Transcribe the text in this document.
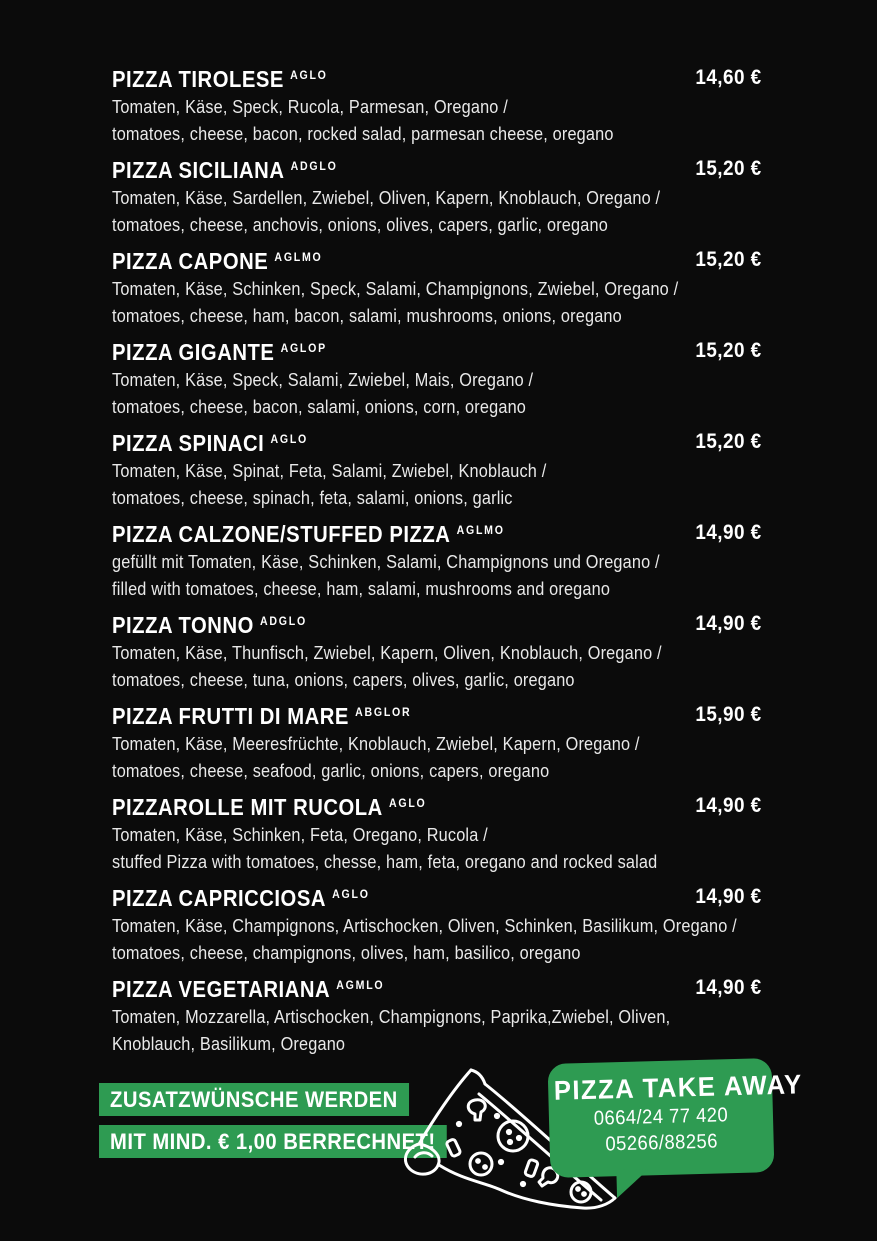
PIZZA TIROLESE $^{AGLO}$
Tomaten, Käse, Speck, Rucola, Parmesan, Oregano /
tomatoes, cheese, bacon, rocked salad, parmesan cheese, oregano
14,60 €
PIZZA SICILIANA $^{ADGLO}$
Tomaten, Käse, Sardellen, Zwiebel, Oliven, Kapern, Knoblauch, Oregano /
tomatoes, cheese, anchovis, onions, olives, capers, garlic, oregano
15,20 €
PIZZA CAPONE $^{AGLMO}$
Tomaten, Käse, Schinken, Speck, Salami, Champignons, Zwiebel, Oregano /
tomatoes, cheese, ham, bacon, salami, mushrooms, onions, oregano
15,20 €
PIZZA GIGANTE $^{AGLOP}$
Tomaten, Käse, Speck, Salami, Zwiebel, Mais, Oregano /
tomatoes, cheese, bacon, salami, onions, corn, oregano
15,20 €
PIZZA SPINACI $^{AGLO}$
Tomaten, Käse, Spinat, Feta, Salami, Zwiebel, Knoblauch /
tomatoes, cheese, spinach, feta, salami, onions, garlic
15,20 €
PIZZA CALZONE/STUFFED PIZZA $^{AGLMO}$
gefüllt mit Tomaten, Käse, Schinken, Salami, Champignons und Oregano /
filled with tomatoes, cheese, ham, salami, mushrooms and oregano
14,90 €
PIZZA TONNO $^{ADGLO}$
Tomaten, Käse, Thunfisch, Zwiebel, Kapern, Oliven, Knoblauch, Oregano /
tomatoes, cheese, tuna, onions, capers, olives, garlic, oregano
14,90 €
PIZZA FRUTTI DI MARE $^{ABGLOR}$
Tomaten, Käse, Meeresfrüchte, Knoblauch, Zwiebel, Kapern, Oregano /
tomatoes, cheese, seafood, garlic, onions, capers, oregano
15,90 €
PIZZAROLLE MIT RUCOLA $^{AGLO}$
Tomaten, Käse, Schinken, Feta, Oregano, Rucola /
stuffed Pizza with tomatoes, chesse, ham, feta, oregano and rocked salad
14,90 €
PIZZA CAPRICCIOSA $^{AGLO}$
Tomaten, Käse, Champignons, Artischocken, Oliven, Schinken, Basilikum, Oregano /
tomatoes, cheese, champignons, olives, ham, basilico, oregano
14,90 €
PIZZA VEGETARIANA $^{AGMLO}$
Tomaten, Mozzarella, Artischocken, Champignons, Paprika,Zwiebel, Oliven,
Knoblauch, Basilikum, Oregano
14,90 €
ZUSATZWÜNSCHE WERDEN
MIT MIND. € 1,00 BERRECHNET!
PIZZA TAKE AWAY
0664/24 77 420
05266/88256
